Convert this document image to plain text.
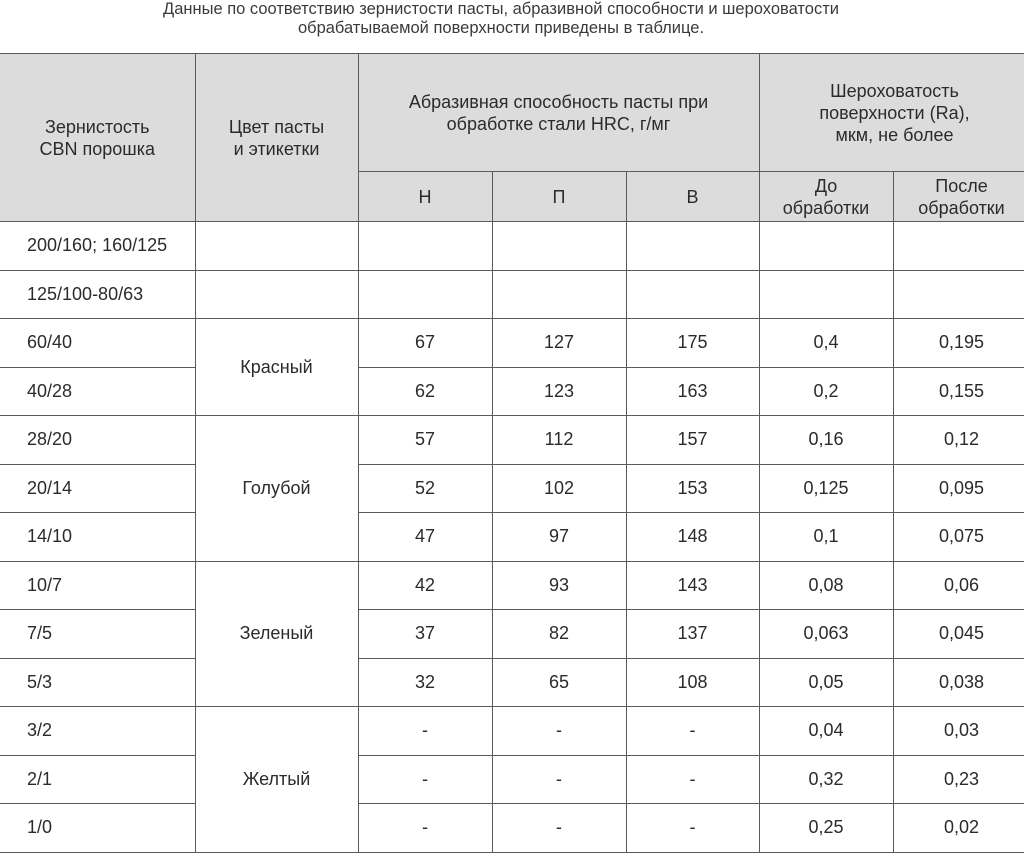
Данные по соответствию зернистости пасты, абразивной способности и шероховатости
обрабатываемой поверхности приведены в таблице.
Зернистость CBN порошка	Цвет пасты и этикетки	Абразивная способность пасты при обработке стали HRC, г/мг			Шероховатость поверхности (Ra), мкм, не более	
		Н	П	В	До обработки	После обработки
200/160; 160/125						
125/100-80/63						
60/40	Красный	67	127	175	0,4	0,195
40/28		62	123	163	0,2	0,155
28/20	Голубой	57	112	157	0,16	0,12
20/14		52	102	153	0,125	0,095
14/10		47	97	148	0,1	0,075
10/7	Зеленый	42	93	143	0,08	0,06
7/5		37	82	137	0,063	0,045
5/3		32	65	108	0,05	0,038
3/2	Желтый	-	-	-	0,04	0,03
2/1		-	-	-	0,32	0,23
1/0		-	-	-	0,25	0,02
